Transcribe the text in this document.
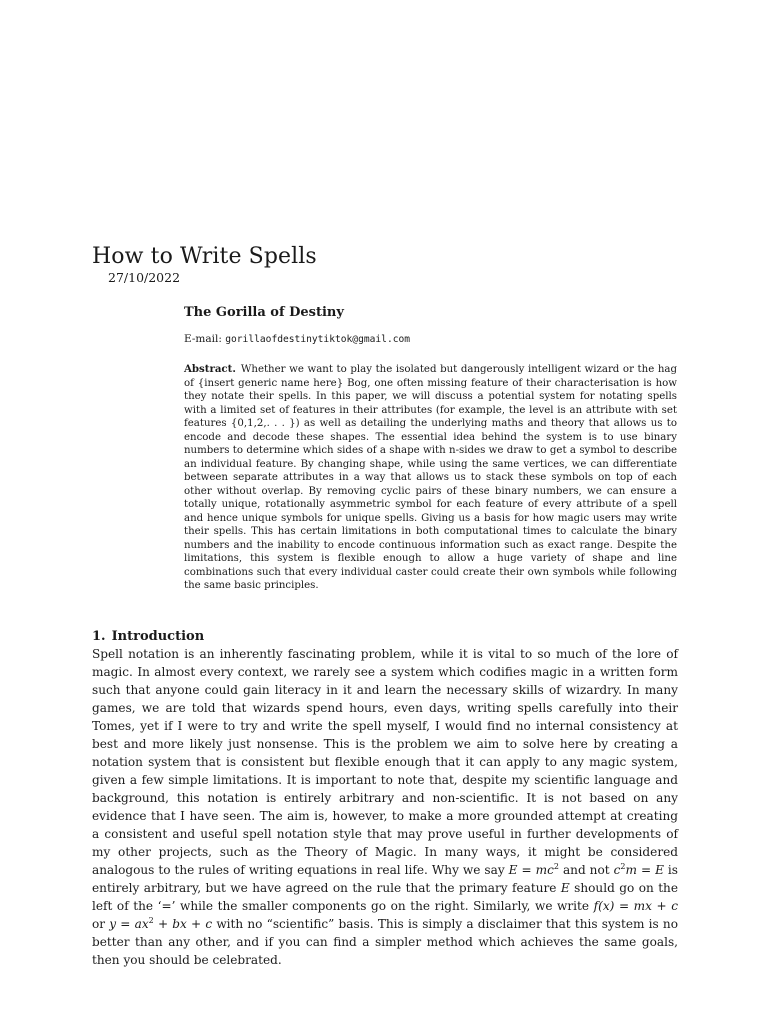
How to Write Spells
27/10/2022
The Gorilla of Destiny
E-mail: gorillaofdestinytiktok@gmail.com

Abstract. Whether we want to play the isolated but dangerously intelligent wizard or the hag of {insert generic name here} Bog, one often missing feature of their characterisation is how they notate their spells. In this paper, we will discuss a potential system for notating spells with a limited set of features in their attributes (for example, the level is an attribute with set features {0,1,2,. . . }) as well as detailing the underlying maths and theory that allows us to encode and decode these shapes. The essential idea behind the system is to use binary numbers to determine which sides of a shape with n-sides we draw to get a symbol to describe an individual feature. By changing shape, while using the same vertices, we can differentiate between separate attributes in a way that allows us to stack these symbols on top of each other without overlap. By removing cyclic pairs of these binary numbers, we can ensure a totally unique, rotationally asymmetric symbol for each feature of every attribute of a spell and hence unique symbols for unique spells. Giving us a basis for how magic users may write their spells. This has certain limitations in both computational times to calculate the binary numbers and the inability to encode continuous information such as exact range. Despite the limitations, this system is flexible enough to allow a huge variety of shape and line combinations such that every individual caster could create their own symbols while following the same basic principles.

1. Introduction

Spell notation is an inherently fascinating problem, while it is vital to so much of the lore of magic. In almost every context, we rarely see a system which codifies magic in a written form such that anyone could gain literacy in it and learn the necessary skills of wizardry. In many games, we are told that wizards spend hours, even days, writing spells carefully into their Tomes, yet if I were to try and write the spell myself, I would find no internal consistency at best and more likely just nonsense. This is the problem we aim to solve here by creating a notation system that is consistent but flexible enough that it can apply to any magic system, given a few simple limitations. It is important to note that, despite my scientific language and background, this notation is entirely arbitrary and non-scientific. It is not based on any evidence that I have seen. The aim is, however, to make a more grounded attempt at creating a consistent and useful spell notation style that may prove useful in further developments of my other projects, such as the Theory of Magic. In many ways, it might be considered analogous to the rules of writing equations in real life. Why we say $E = mc^2$ and not $c^2m = E$ is entirely arbitrary, but we have agreed on the rule that the primary feature E should go on the left of the ‘=’ while the smaller components go on the right. Similarly, we write f(x) = mx + c or $y = ax^2$ + bx + c with no “scientific” basis. This is simply a disclaimer that this system is no better than any other, and if you can find a simpler method which achieves the same goals, then you should be celebrated.
